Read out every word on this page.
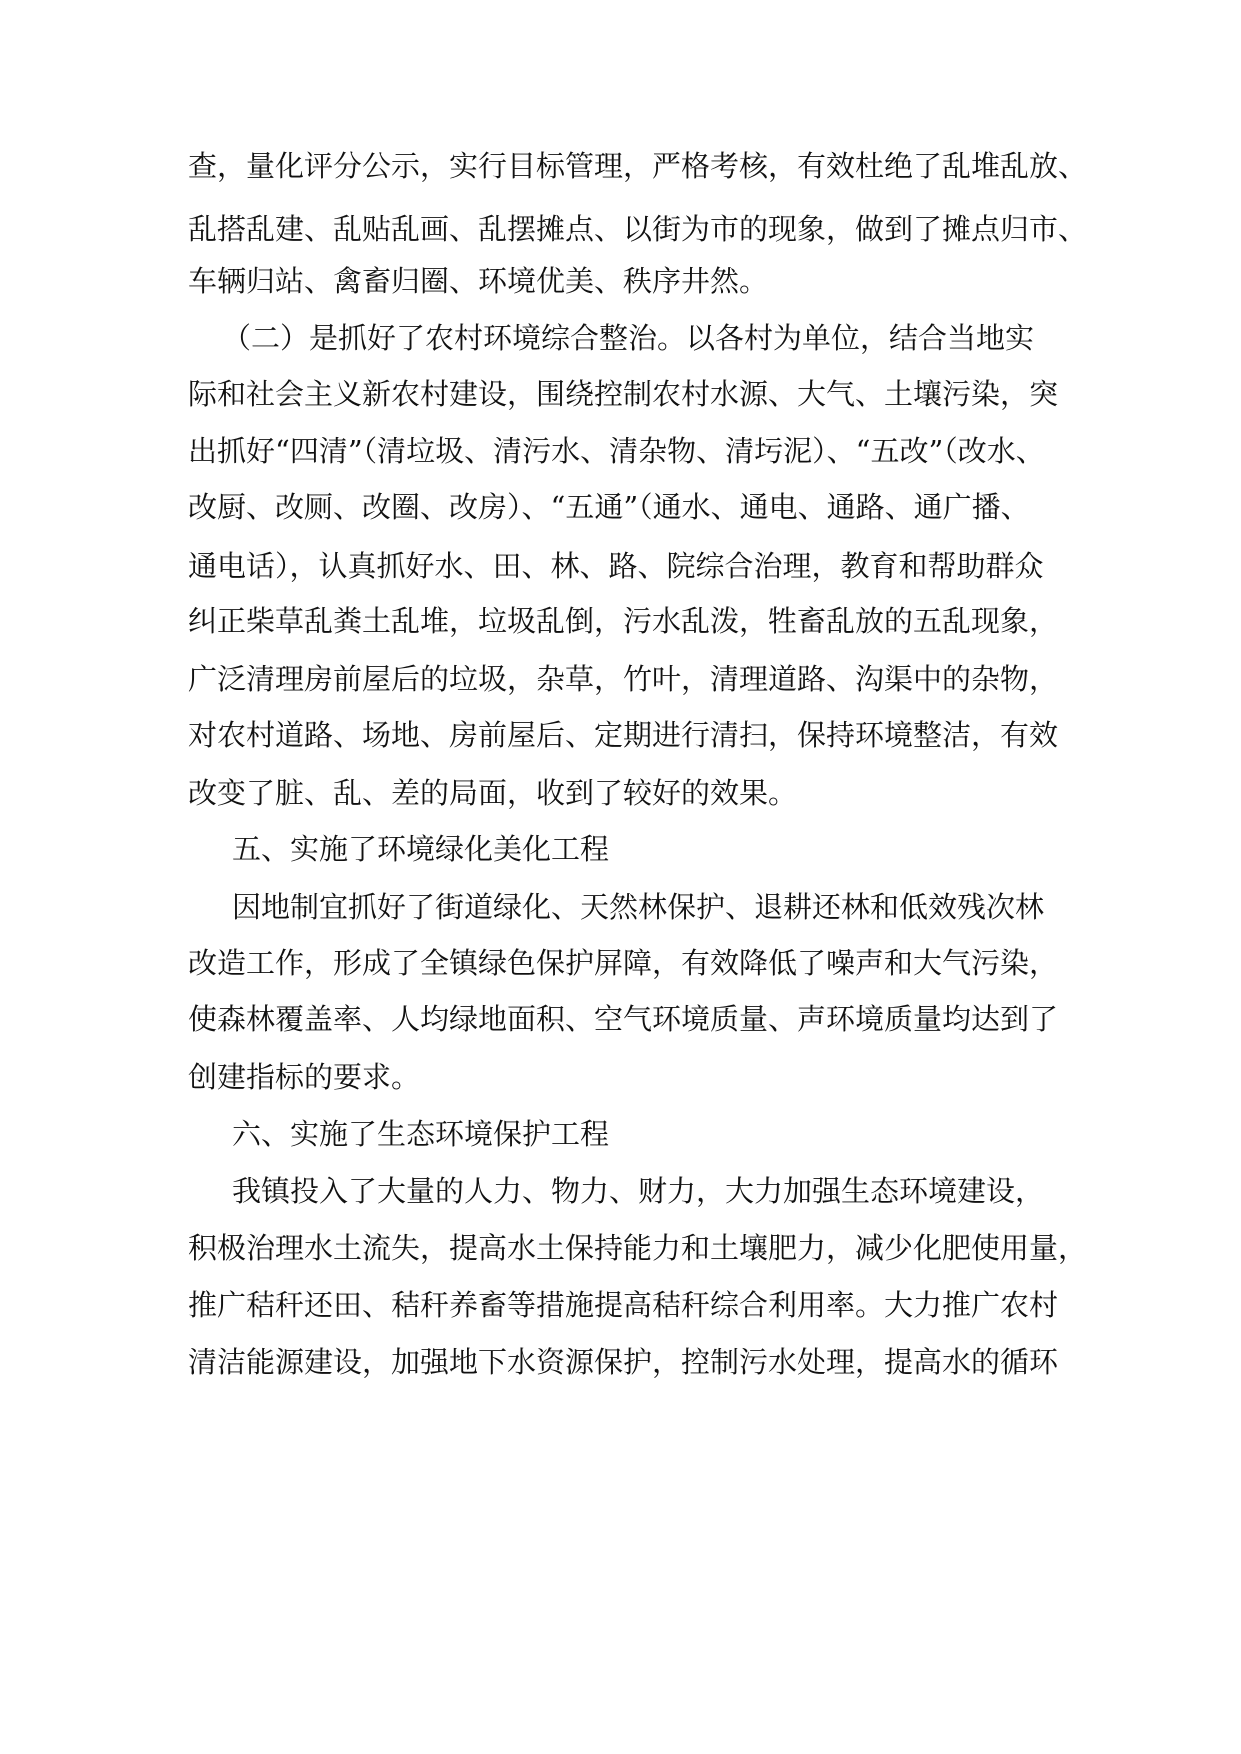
查，量化评分公示，实行目标管理，严格考核，有效杜绝了乱堆乱放、
乱搭乱建、乱贴乱画、乱摆摊点、以街为市的现象，做到了摊点归市、
车辆归站、禽畜归圈、环境优美、秩序井然。
（二）是抓好了农村环境综合整治。以各村为单位，结合当地实
际和社会主义新农村建设，围绕控制农村水源、大气、土壤污染，突
出抓好“四清”（清垃圾、清污水、清杂物、清圬泥）、“五改”（改水、
改厨、改厕、改圈、改房）、“五通”（通水、通电、通路、通广播、
通电话），认真抓好水、田、林、路、院综合治理，教育和帮助群众
纠正柴草乱粪土乱堆，垃圾乱倒，污水乱泼，牲畜乱放的五乱现象，
广泛清理房前屋后的垃圾，杂草，竹叶，清理道路、沟渠中的杂物，
对农村道路、场地、房前屋后、定期进行清扫，保持环境整洁，有效
改变了脏、乱、差的局面，收到了较好的效果。
五、实施了环境绿化美化工程
因地制宜抓好了街道绿化、天然林保护、退耕还林和低效残次林
改造工作，形成了全镇绿色保护屏障，有效降低了噪声和大气污染，
使森林覆盖率、人均绿地面积、空气环境质量、声环境质量均达到了
创建指标的要求。
六、实施了生态环境保护工程
我镇投入了大量的人力、物力、财力，大力加强生态环境建设，
积极治理水土流失，提高水土保持能力和土壤肥力，减少化肥使用量，
推广秸秆还田、秸秆养畜等措施提高秸秆综合利用率。大力推广农村
清洁能源建设，加强地下水资源保护，控制污水处理，提高水的循环
